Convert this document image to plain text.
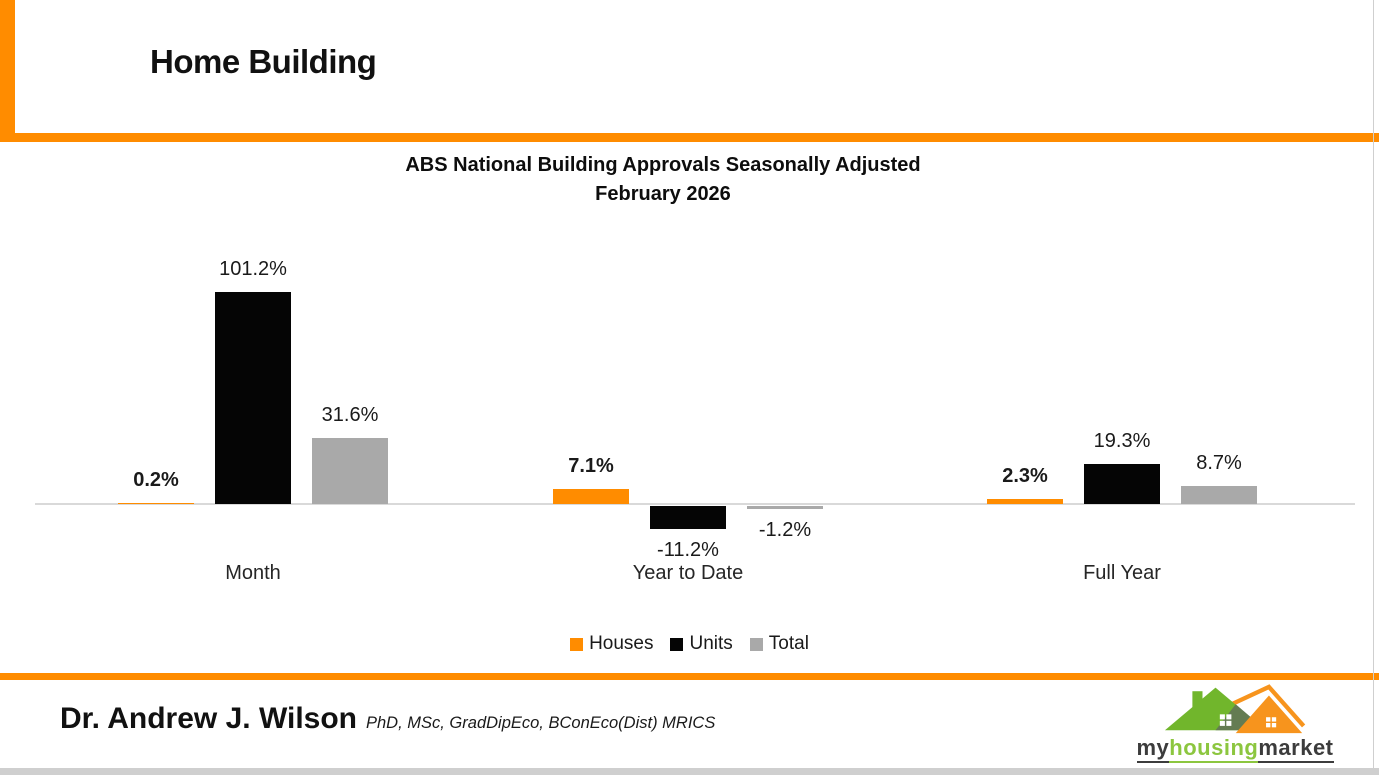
Home Building
ABS National Building Approvals Seasonally Adjusted
February 2026
0.2%
7.1%	2.3%
101.2%
-11.2%
19.3%
31.6%
-1.2%
8.7%
Month	Year to Date	Full Year
Houses Units Total
Dr. Andrew J. Wilson PhD, MSc, GradDipEco, BConEco(Dist) MRICS
myhousingmarket
